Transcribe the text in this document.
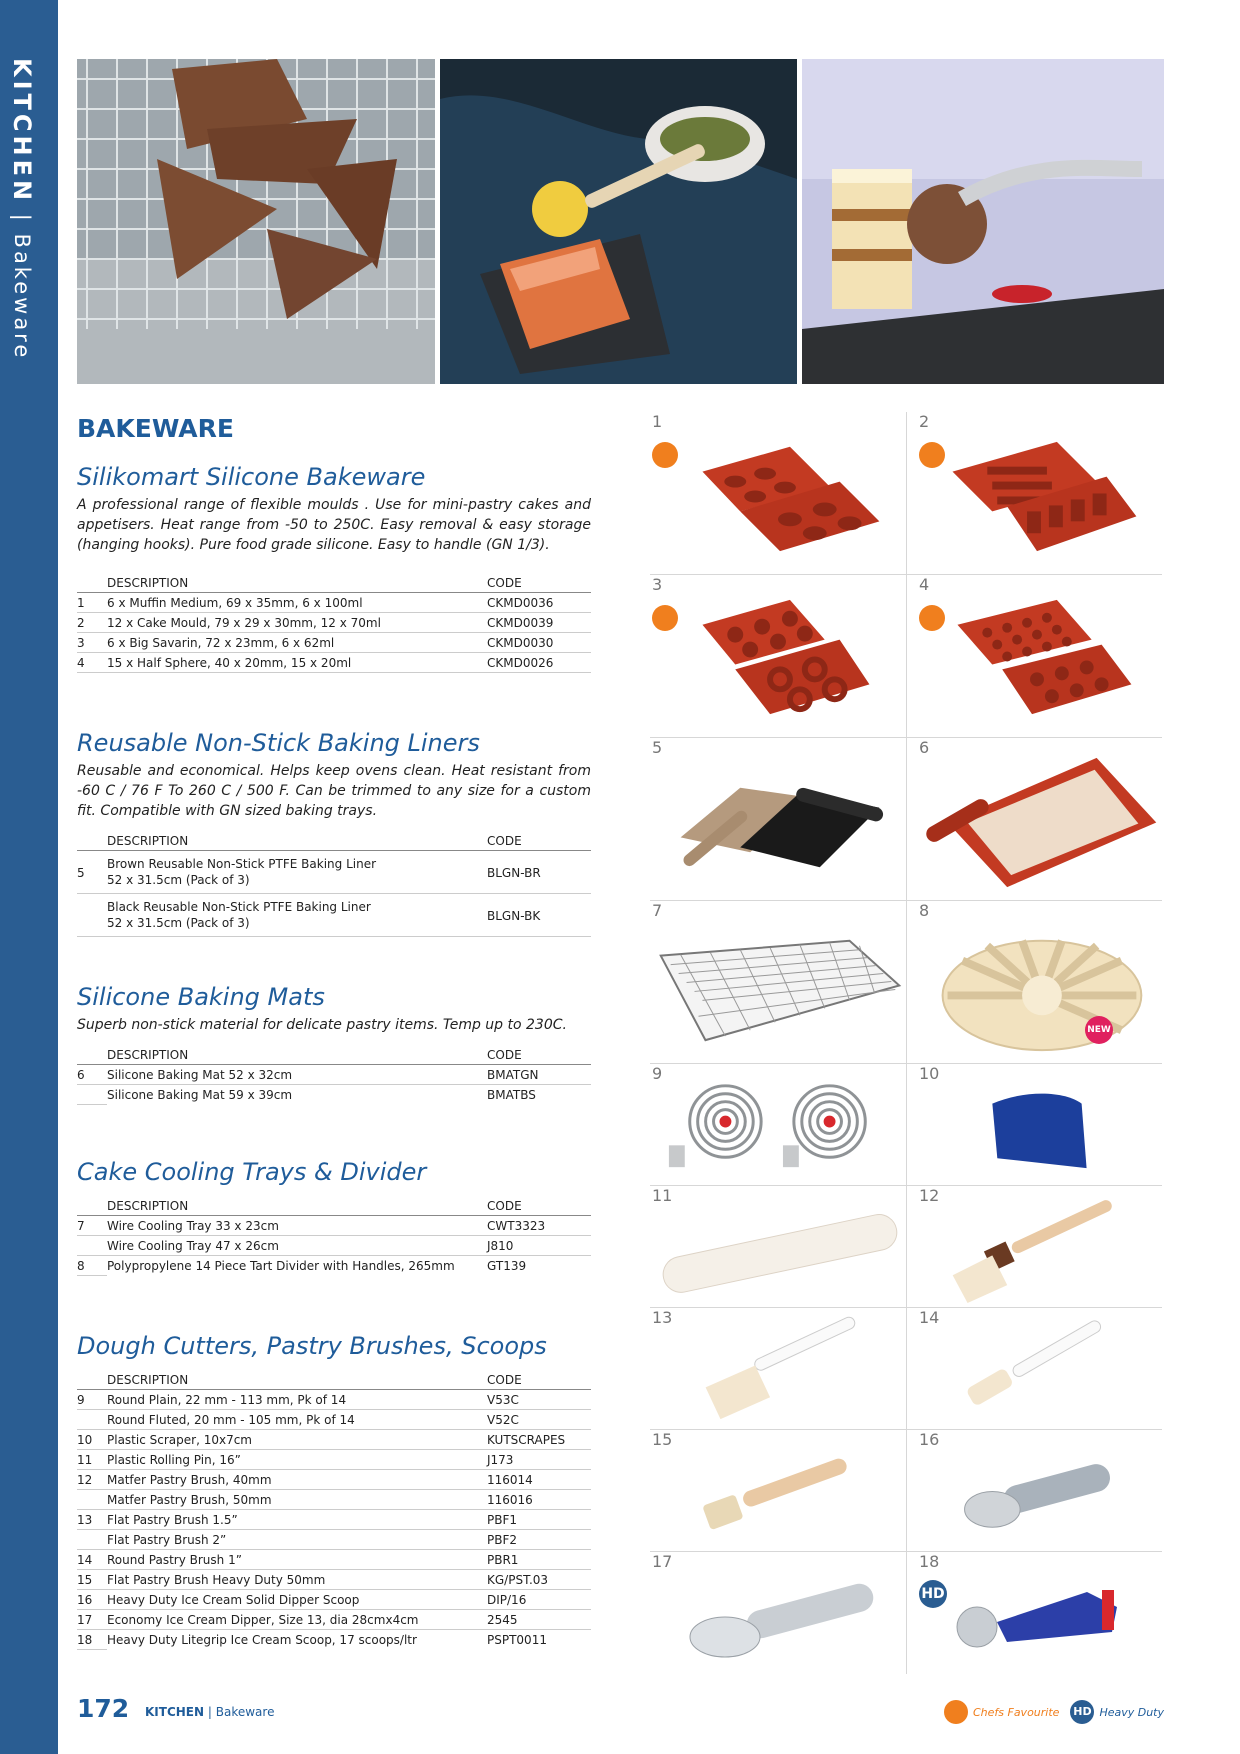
KITCHEN | Bakeware
BAKEWARE
Silikomart Silicone Bakeware

A professional range of flexible moulds . Use for mini-pastry cakes and appetisers. Heat range from -50 to 250C. Easy removal & easy storage (hanging hooks). Pure food grade silicone. Easy to handle (GN 1/3).

	DESCRIPTION	CODE
1	6 x Muffin Medium, 69 x 35mm, 6 x 100ml	CKMD0036
2	12 x Cake Mould, 79 x 29 x 30mm, 12 x 70ml	CKMD0039
3	6 x Big Savarin, 72 x 23mm, 6 x 62ml	CKMD0030
4	15 x Half Sphere, 40 x 20mm, 15 x 20ml	CKMD0026
Reusable Non-Stick Baking Liners

Reusable and economical. Helps keep ovens clean. Heat resistant from -60 C / 76 F To 260 C / 500 F. Can be trimmed to any size for a custom fit. Compatible with GN sized baking trays.

	DESCRIPTION	CODE
5	Brown Reusable Non-Stick PTFE Baking Liner
52 x 31.5cm (Pack of 3)	BLGN-BR
	Black Reusable Non-Stick PTFE Baking Liner
52 x 31.5cm (Pack of 3)	BLGN-BK
Silicone Baking Mats

Superb non-stick material for delicate pastry items. Temp up to 230C.

	DESCRIPTION	CODE
6	Silicone Baking Mat 52 x 32cm	BMATGN
	Silicone Baking Mat 59 x 39cm	BMATBS
Cake Cooling Trays & Divider
	DESCRIPTION	CODE
7	Wire Cooling Tray 33 x 23cm	CWT3323
	Wire Cooling Tray 47 x 26cm	J810
8	Polypropylene 14 Piece Tart Divider with Handles, 265mm	GT139
Dough Cutters, Pastry Brushes, Scoops
	DESCRIPTION	CODE
9	Round Plain, 22 mm - 113 mm, Pk of 14	V53C
	Round Fluted, 20 mm - 105 mm, Pk of 14	V52C
10	Plastic Scraper, 10x7cm	KUTSCRAPES
11	Plastic Rolling Pin, 16”	J173
12	Matfer Pastry Brush, 40mm	116014
	Matfer Pastry Brush, 50mm	116016
13	Flat Pastry Brush 1.5”	PBF1
	Flat Pastry Brush 2”	PBF2
14	Round Pastry Brush 1”	PBR1
15	Flat Pastry Brush Heavy Duty 50mm	KG/PST.03
16	Heavy Duty Ice Cream Solid Dipper Scoop	DIP/16
17	Economy Ice Cream Dipper, Size 13, dia 28cmx4cm	2545
18	Heavy Duty Litegrip Ice Cream Scoop, 17 scoops/ltr	PSPT0011
1	2
3	4
5	6
7	8
NEW
9	10
11	12
13	14
15	16
17	18
HD
172 KITCHEN | Bakeware	Chefs Favourite HD Heavy Duty
